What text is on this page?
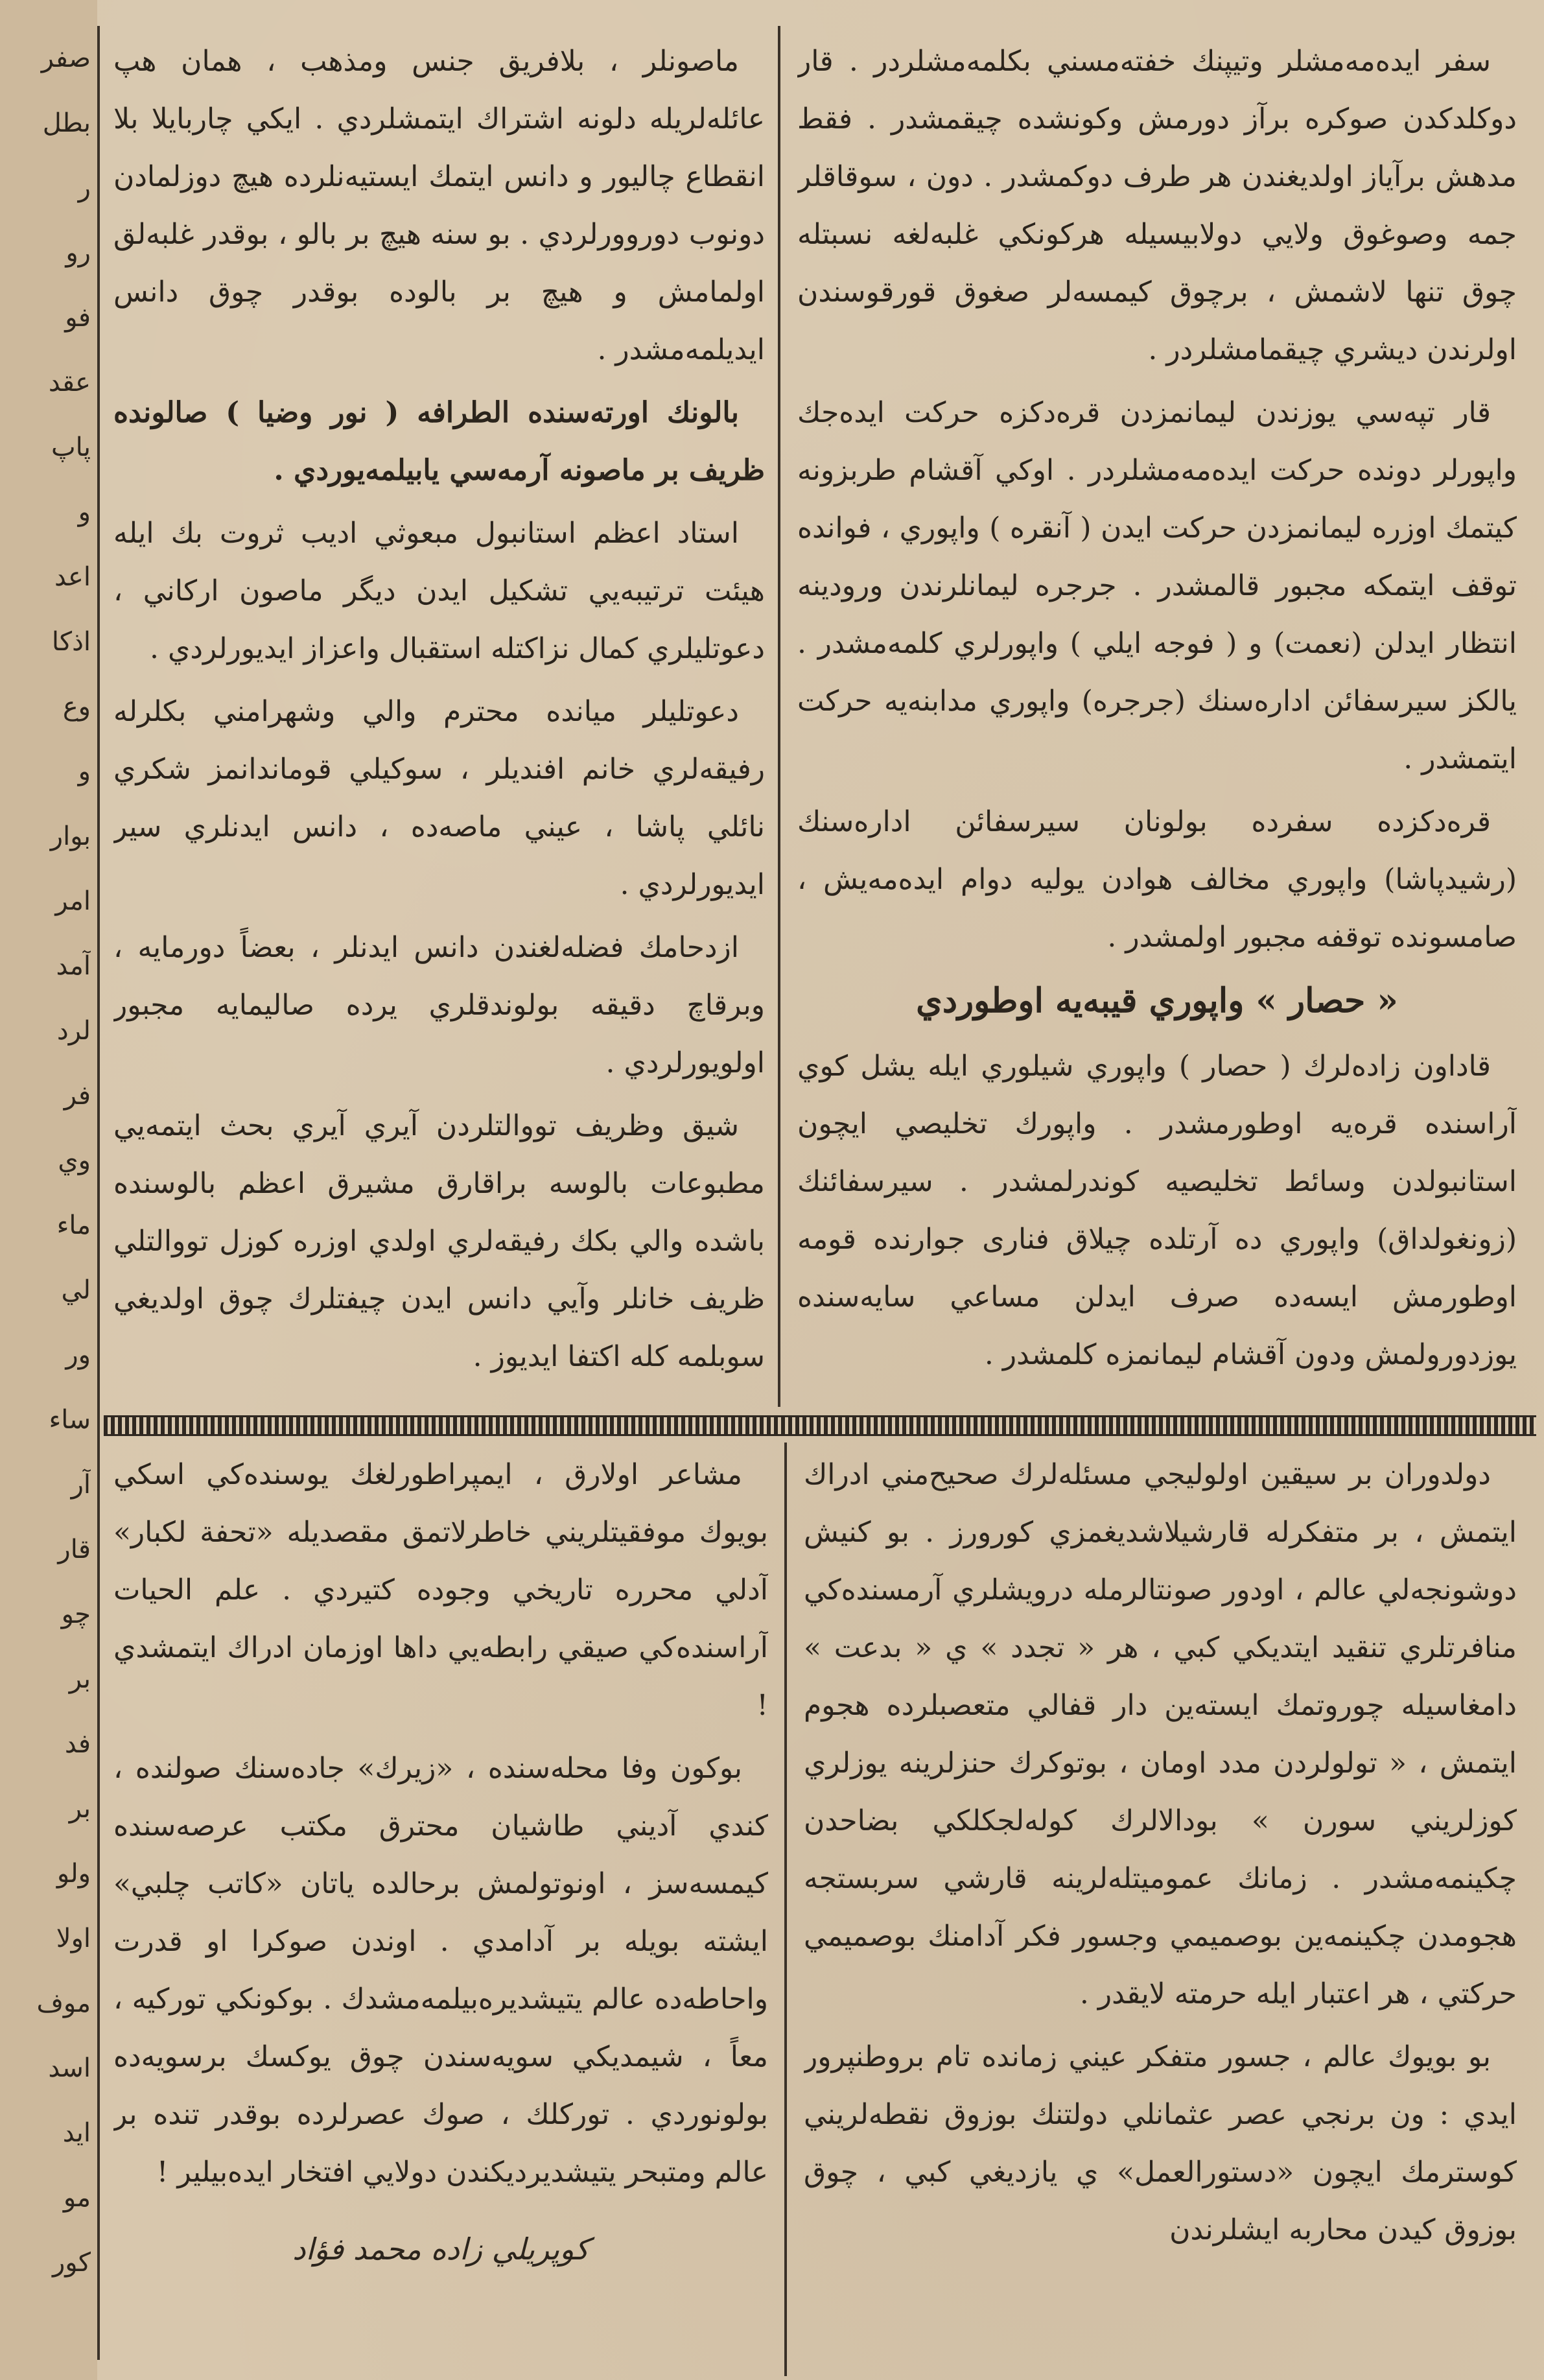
صفر
بطل
ر
رو
فو
عقد
پاپ
و
اعد
اذكا
وع
و
بوار
امر
آمد
لرد
فر
وي
ماء
لي
ور
ساء
آر
قار
چو
بر
فد
بر
ولو
اولا
موف
اسد
ايد
مو
كور

سفر ايده‌مه‌مشلر وتيپنك خفته‌مسني بكلمه‌مشلردر . قار دوكلدكدن صوكره برآز دورمش وكونشده چيقمشدر . فقط مدهش برآياز اولديغندن هر طرف دوكمشدر . دون ، سوقاقلر جمه وصوغوق ولايي دولابيسيله هركونكي غلبه‌لغه نسبتله چوق تنها لاشمش ، برچوق كيمسه‌لر صغوق قورقوسندن اولرندن ديشري چيقمامشلردر .

قار تپه‌سي يوزندن ليمانمزدن قره‌دكزه حركت ايده‌جك واپورلر دونده حركت ايده‌مه‌مشلردر . اوكي آقشام طربزونه كيتمك اوزره ليمانمزدن حركت ايدن ( آنقره ) واپوري ، فوانده توقف ايتمكه مجبور قالمشدر . جرجره ليمانلرندن ورودينه انتظار ايدلن (نعمت) و ( فوجه ايلي ) واپورلري كلمه‌مشدر . يالكز سيرسفائن اداره‌سنك (جرجره) واپوري مدابنه‌يه حركت ايتمشدر .

قره‌دكزده سفرده بولونان سيرسفائن اداره‌سنك (رشيدپاشا) واپوري مخالف هوادن يوليه دوام ايده‌مه‌يش ، صامسونده توقفه مجبور اولمشدر .

« حصار » واپوري قيبه‌يه اوطوردي

قاداون زاده‌لرك ( حصار ) واپوري شيلوري ايله يشل كوي آراسنده قره‌يه اوطورمشدر . واپورك تخليصي ايچون استانبولدن وسائط تخليصيه كوندرلمشدر . سيرسفائنك (زونغولداق) واپوري ده آرتلده چيلاق فنارى جوارنده قومه اوطورمش ايسه‌ده صرف ايدلن مساعي سايه‌سنده يوزدورولمش ودون آقشام ليمانمزه كلمشدر .

ماصونلر ، بلافريق جنس ومذهب ، همان هپ عائله‌لريله دلونه اشتراك ايتمشلردي . ايكي چاربايلا بلا انقطاع چاليور و دانس ايتمك ايستيه‌نلرده هيچ دوزلمادن دونوب دوروورلردي . بو سنه هيچ بر بالو ، بوقدر غلبه‌لق اولمامش و هيچ بر بالوده بوقدر چوق دانس ايديلمه‌مشدر .

بالونك اورته‌سنده الطرافه ( نور وضيا ) صالونده ظريف بر ماصونه آرمه‌سي يابيلمه‌يوردي .

استاد اعظم استانبول مبعوثي اديب ثروت بك ايله هيئت ترتيبه‌يي تشكيل ايدن ديگر ماصون اركاني ، دعوتليلري كمال نزاكتله استقبال واعزاز ايديورلردي .

دعوتليلر ميانده محترم والي وشهرامني بكلرله رفيقه‌لري خانم افنديلر ، سوكيلي قوماندانمز شكري نائلي پاشا ، عيني ماصه‌ده ، دانس ايدنلري سير ايديورلردي .

ازدحامك فضله‌لغندن دانس ايدنلر ، بعضاً دورمايه ، وبرقاچ دقيقه بولوندقلري يرده صاليمايه مجبور اولويورلردي .

شيق وظريف تووالتلردن آيري آيري بحث ايتمه‌يي مطبوعات بالوسه براقارق مشيرق اعظم بالوسنده باشده والي بكك رفيقه‌لري اولدي اوزره كوزل تووالتلي ظريف خانلر وآيي دانس ايدن چيفتلرك چوق اولديغي سوبلمه كله اكتفا ايديوز .

دولدوران بر سيقين اولوليجي مسئله‌لرك صحيح‌مني ادراك ايتمش ، بر متفكرله قارشيلاشديغمزي كورورز . بو كنيش دوشونجه‌لي عالم ، اودور صونتالرمله درويشلري آرمسنده‌كي منافرتلري تنقيد ايتديكي كبي ، هر « تجدد » ي « بدعت » دامغاسيله چوروتمك ايسته‌ين دار قفالي متعصبلرده هجوم ايتمش ، « تولولردن مدد اومان ، بوتوكرك حنزلرينه يوزلري كوزلريني سورن » بودالالرك كوله‌لجكلكي بضاحدن چكينمه‌مشدر . زمانك عموميتله‌لرينه قارشي سربستجه هجومدن چكينمه‌ين بوصميمي وجسور فكر آدامنك بوصميمي حركتي ، هر اعتبار ايله حرمته لايقدر .

بو بويوك عالم ، جسور متفكر عيني زمانده تام بروطنپرور ايدي : ون برنجي عصر عثمانلي دولتنك بوزوق نقطه‌لريني كوسترمك ايچون «دستورالعمل» ي يازديغي كبي ، چوق بوزوق كيدن محاربه ايشلرندن

مشاعر اولارق ، ايمپراطورلغك يوسنده‌كي اسكي بويوك موفقيتلريني خاطرلاتمق مقصديله «تحفة لكبار» آدلي محرره تاريخي وجوده كتيردي . علم الحيات آراسنده‌كي صيقي رابطه‌يي داها اوزمان ادراك ايتمشدي !

بوكون وفا محله‌سنده ، «زيرك» جاده‌سنك صولنده ، كندي آديني طاشيان محترق مكتب عرصه‌سنده كيمسه‌سز ، اونوتولمش برحالده ياتان «كاتب چلبي» ايشته بويله بر آدامدي . اوندن صوكرا او قدرت واحاطه‌ده عالم يتيشديره‌بيلمه‌مشدك . بوكونكي توركيه ، معاً ، شيمديكي سويه‌سندن چوق يوكسك برسويه‌ده بولونوردي . توركلك ، صوك عصرلرده بوقدر تنده بر عالم ومتبحر يتيشديرديكندن دولايي افتخار ايده‌بيلير !

كوپريلي زاده محمد فؤاد
